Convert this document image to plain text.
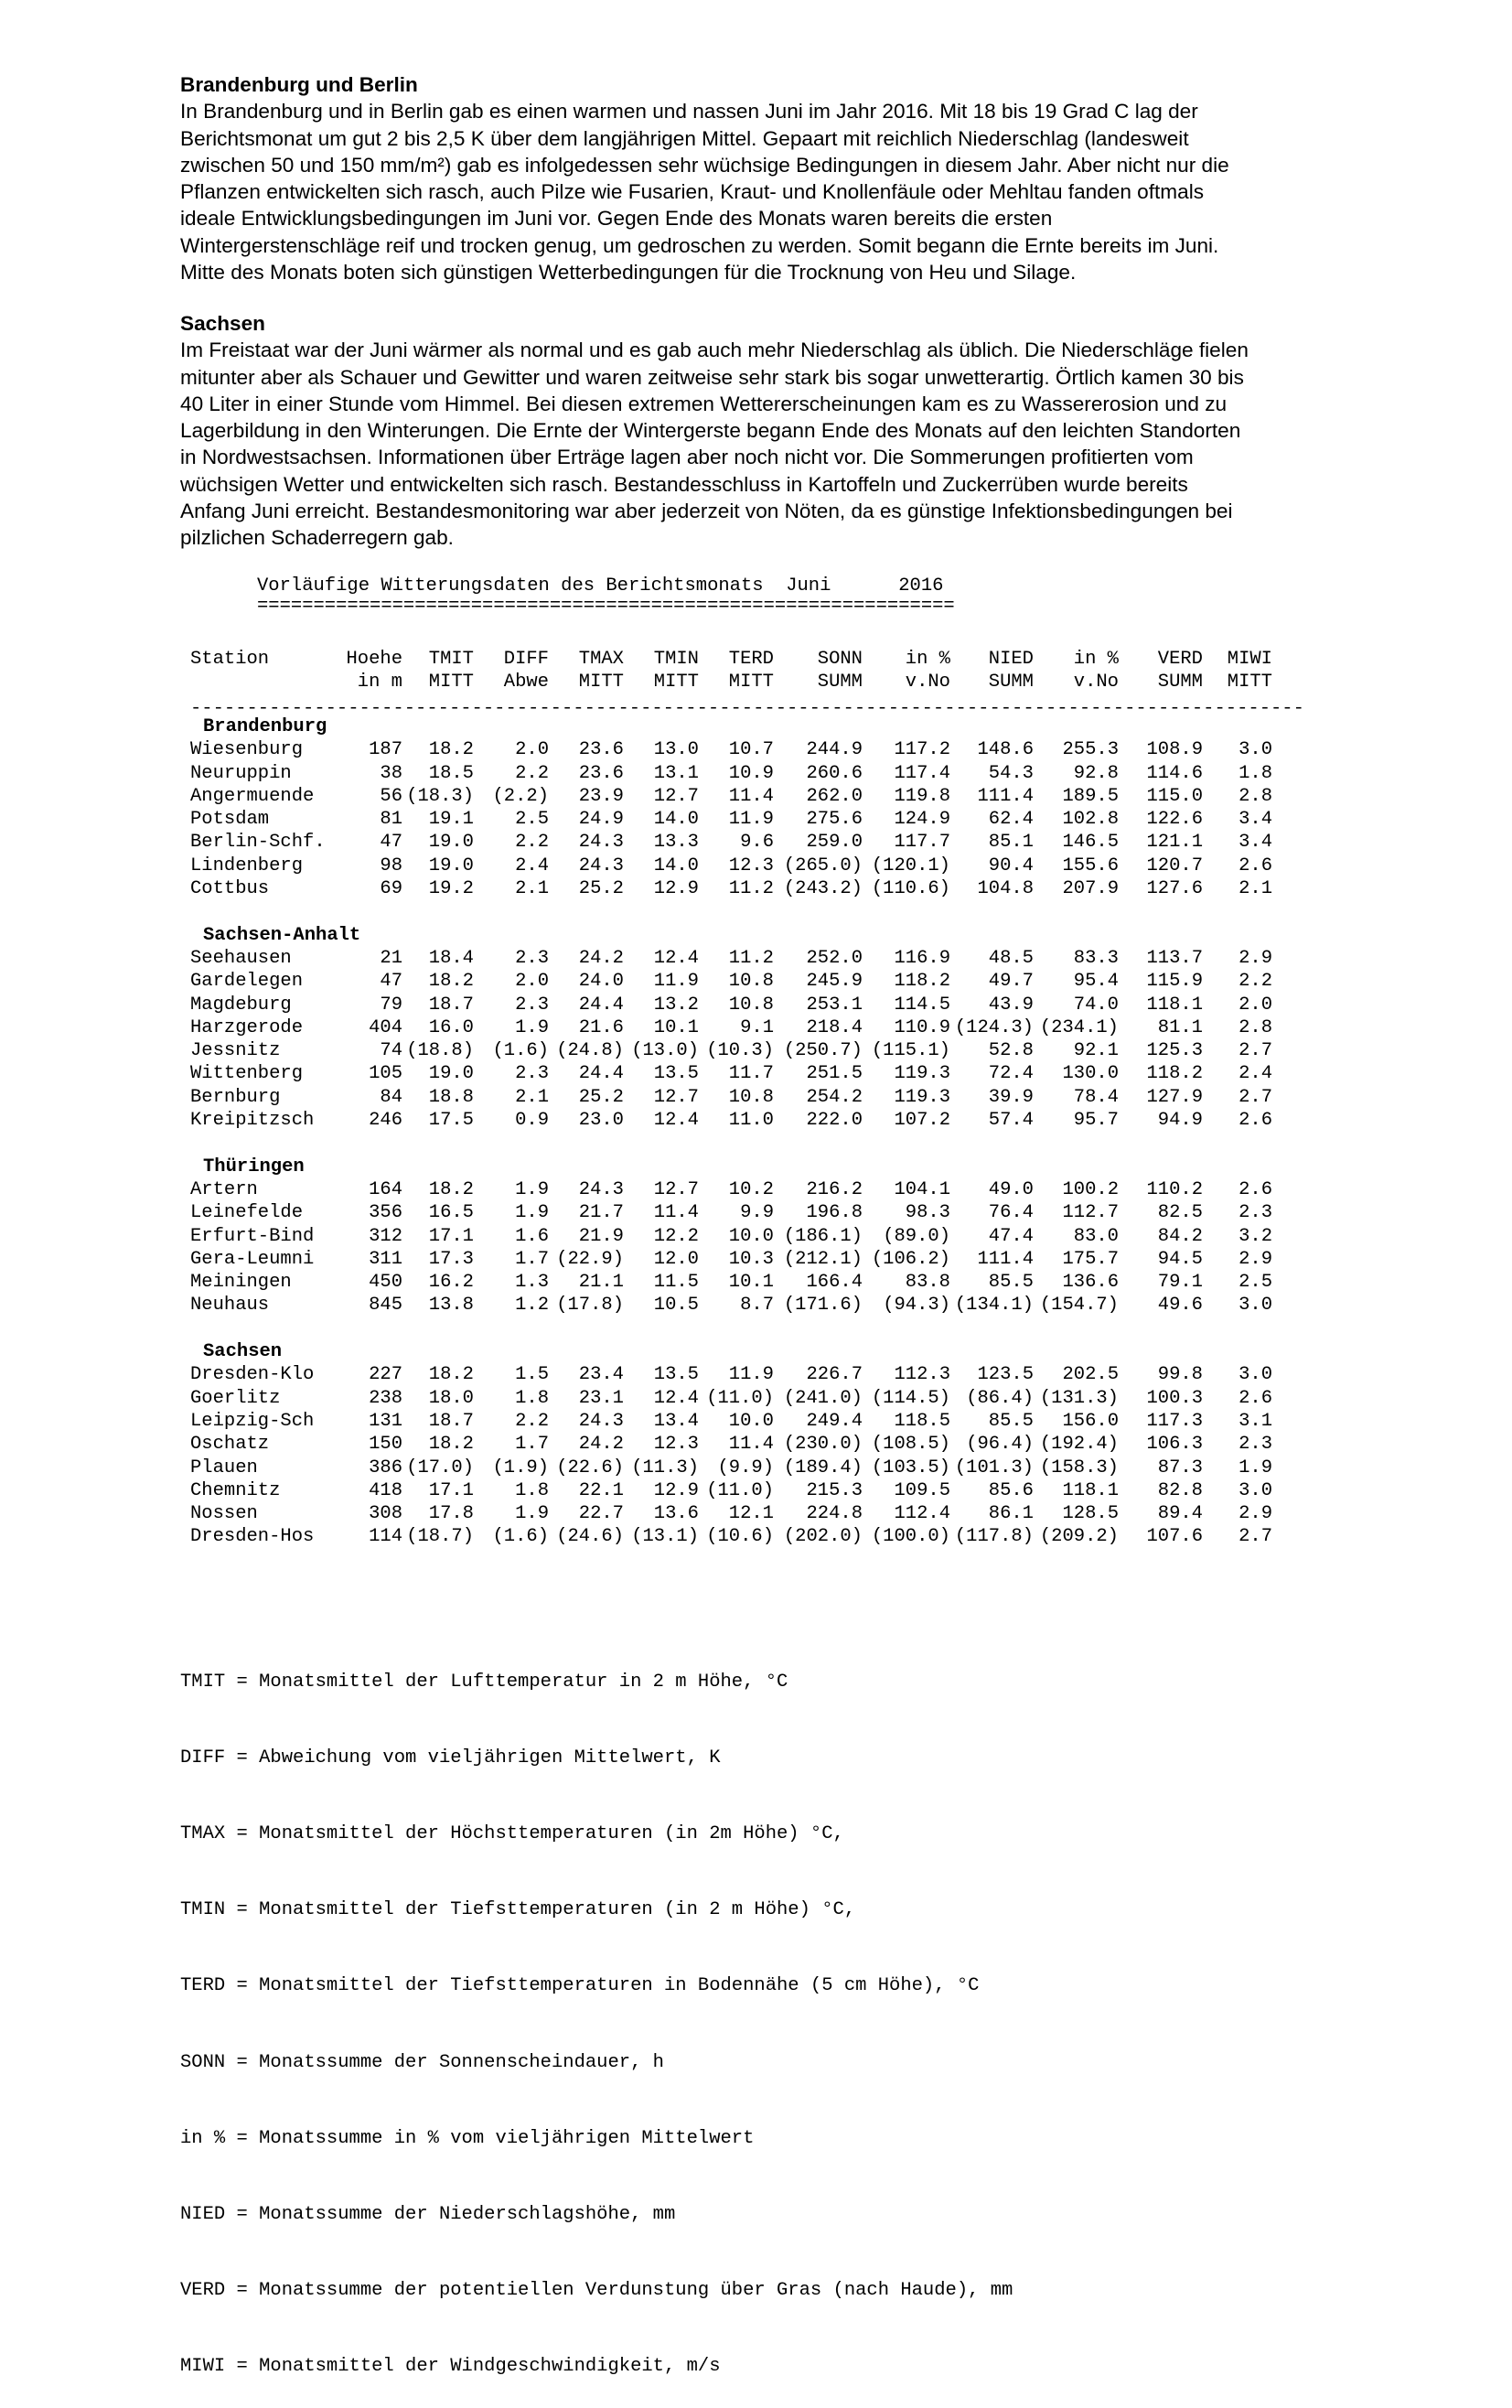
Brandenburg und Berlin

In Brandenburg und in Berlin gab es einen warmen und nassen Juni im Jahr 2016. Mit 18 bis 19 Grad C lag der

Berichtsmonat um gut 2 bis 2,5 K über dem langjährigen Mittel. Gepaart mit reichlich Niederschlag (landesweit

zwischen 50 und 150 mm/m²) gab es infolgedessen sehr wüchsige Bedingungen in diesem Jahr. Aber nicht nur die

Pflanzen entwickelten sich rasch, auch Pilze wie Fusarien, Kraut- und Knollenfäule oder Mehltau fanden oftmals

ideale Entwicklungsbedingungen im Juni vor. Gegen Ende des Monats waren bereits die ersten

Wintergerstenschläge reif und trocken genug, um gedroschen zu werden. Somit begann die Ernte bereits im Juni.

Mitte des Monats boten sich günstigen Wetterbedingungen für die Trocknung von Heu und Silage.

Sachsen

Im Freistaat war der Juni wärmer als normal und es gab auch mehr Niederschlag als üblich. Die Niederschläge fielen

mitunter aber als Schauer und Gewitter und waren zeitweise sehr stark bis sogar unwetterartig. Örtlich kamen 30 bis

40 Liter in einer Stunde vom Himmel. Bei diesen extremen Wettererscheinungen kam es zu Wassererosion und zu

Lagerbildung in den Winterungen. Die Ernte der Wintergerste begann Ende des Monats auf den leichten Standorten

in Nordwestsachsen. Informationen über Erträge lagen aber noch nicht vor. Die Sommerungen profitierten vom

wüchsigen Wetter und entwickelten sich rasch. Bestandesschluss in Kartoffeln und Zuckerrüben wurde bereits

Anfang Juni erreicht. Bestandesmonitoring war aber jederzeit von Nöten, da es günstige Infektionsbedingungen bei

pilzlichen Schaderregern gab.

Vorläufige Witterungsdaten des Berichtsmonats  Juni      2016

==============================================================

Station	Hoehe	TMIT	DIFF	TMAX	TMIN	TERD	SONN	in %	NIED	in %	VERD	MIWI

in m	MITT	Abwe	MITT	MITT	MITT	SUMM	v.No	SUMM	v.No	SUMM	MITT

---------------------------------------------------------------------------------------------------

Brandenburg
Wiesenburg	187	18.2	2.0	23.6	13.0	10.7	244.9	117.2	148.6	255.3	108.9	3.0
Neuruppin	38	18.5	2.2	23.6	13.1	10.9	260.6	117.4	54.3	92.8	114.6	1.8
Angermuende	56 (18.3) (2.2)	23.9	12.7	11.4	262.0	119.8	111.4	189.5	115.0	2.8
Potsdam	81	19.1	2.5	24.9	14.0	11.9	275.6	124.9	62.4	102.8	122.6	3.4
Berlin-Schf.	47	19.0	2.2	24.3	13.3	9.6	259.0	117.7	85.1	146.5	121.1	3.4
Lindenberg	98	19.0	2.4	24.3	14.0	12.3 (265.0) (120.1)	90.4	155.6	120.7	2.6
Cottbus	69	19.2	2.1	25.2	12.9	11.2 (243.2) (110.6)	104.8	207.9	127.6	2.1
Sachsen-Anhalt
Seehausen	21	18.4	2.3	24.2	12.4	11.2	252.0	116.9	48.5	83.3	113.7	2.9
Gardelegen	47	18.2	2.0	24.0	11.9	10.8	245.9	118.2	49.7	95.4	115.9	2.2
Magdeburg	79	18.7	2.3	24.4	13.2	10.8	253.1	114.5	43.9	74.0	118.1	2.0
Harzgerode	404	16.0	1.9	21.6	10.1	9.1	218.4	110.9 (124.3) (234.1)	81.1	2.8
Jessnitz	74 (18.8) (1.6) (24.8) (13.0) (10.3) (250.7) (115.1)	52.8	92.1	125.3	2.7
Wittenberg	105	19.0	2.3	24.4	13.5	11.7	251.5	119.3	72.4	130.0	118.2	2.4
Bernburg	84	18.8	2.1	25.2	12.7	10.8	254.2	119.3	39.9	78.4	127.9	2.7
Kreipitzsch	246	17.5	0.9	23.0	12.4	11.0	222.0	107.2	57.4	95.7	94.9	2.6
Thüringen
Artern	164	18.2	1.9	24.3	12.7	10.2	216.2	104.1	49.0	100.2	110.2	2.6
Leinefelde	356	16.5	1.9	21.7	11.4	9.9	196.8	98.3	76.4	112.7	82.5	2.3
Erfurt-Bind	312	17.1	1.6	21.9	12.2	10.0 (186.1)	(89.0)	47.4	83.0	84.2	3.2
Gera-Leumni	311	17.3	1.7 (22.9)	12.0	10.3 (212.1) (106.2)	111.4	175.7	94.5	2.9
Meiningen	450	16.2	1.3	21.1	11.5	10.1	166.4	83.8	85.5	136.6	79.1	2.5
Neuhaus	845	13.8	1.2 (17.8)	10.5	8.7 (171.6)	(94.3) (134.1) (154.7)	49.6	3.0
Sachsen
Dresden-Klo	227	18.2	1.5	23.4	13.5	11.9	226.7	112.3	123.5	202.5	99.8	3.0
Goerlitz	238	18.0	1.8	23.1	12.4 (11.0) (241.0) (114.5) (86.4) (131.3)	100.3	2.6
Leipzig-Sch	131	18.7	2.2	24.3	13.4	10.0	249.4	118.5	85.5	156.0	117.3	3.1
Oschatz	150	18.2	1.7	24.2	12.3	11.4 (230.0) (108.5) (96.4) (192.4)	106.3	2.3
Plauen	386 (17.0) (1.9) (22.6) (11.3) (9.9) (189.4) (103.5) (101.3) (158.3)	87.3	1.9
Chemnitz	418	17.1	1.8	22.1	12.9 (11.0)	215.3	109.5	85.6	118.1	82.8	3.0
Nossen	308	17.8	1.9	22.7	13.6	12.1	224.8	112.4	86.1	128.5	89.4	2.9
Dresden-Hos	114 (18.7) (1.6) (24.6) (13.1) (10.6) (202.0) (100.0) (117.8) (209.2)	107.6	2.7

TMIT = Monatsmittel der Lufttemperatur in 2 m Höhe, °C

DIFF = Abweichung vom vieljährigen Mittelwert, K

TMAX = Monatsmittel der Höchsttemperaturen (in 2m Höhe) °C,

TMIN = Monatsmittel der Tiefsttemperaturen (in 2 m Höhe) °C,

TERD = Monatsmittel der Tiefsttemperaturen in Bodennähe (5 cm Höhe), °C

SONN = Monatssumme der Sonnenscheindauer, h

in % = Monatssumme in % vom vieljährigen Mittelwert

NIED = Monatssumme der Niederschlagshöhe, mm

VERD = Monatssumme der potentiellen Verdunstung über Gras (nach Haude), mm

MIWI = Monatsmittel der Windgeschwindigkeit, m/s
